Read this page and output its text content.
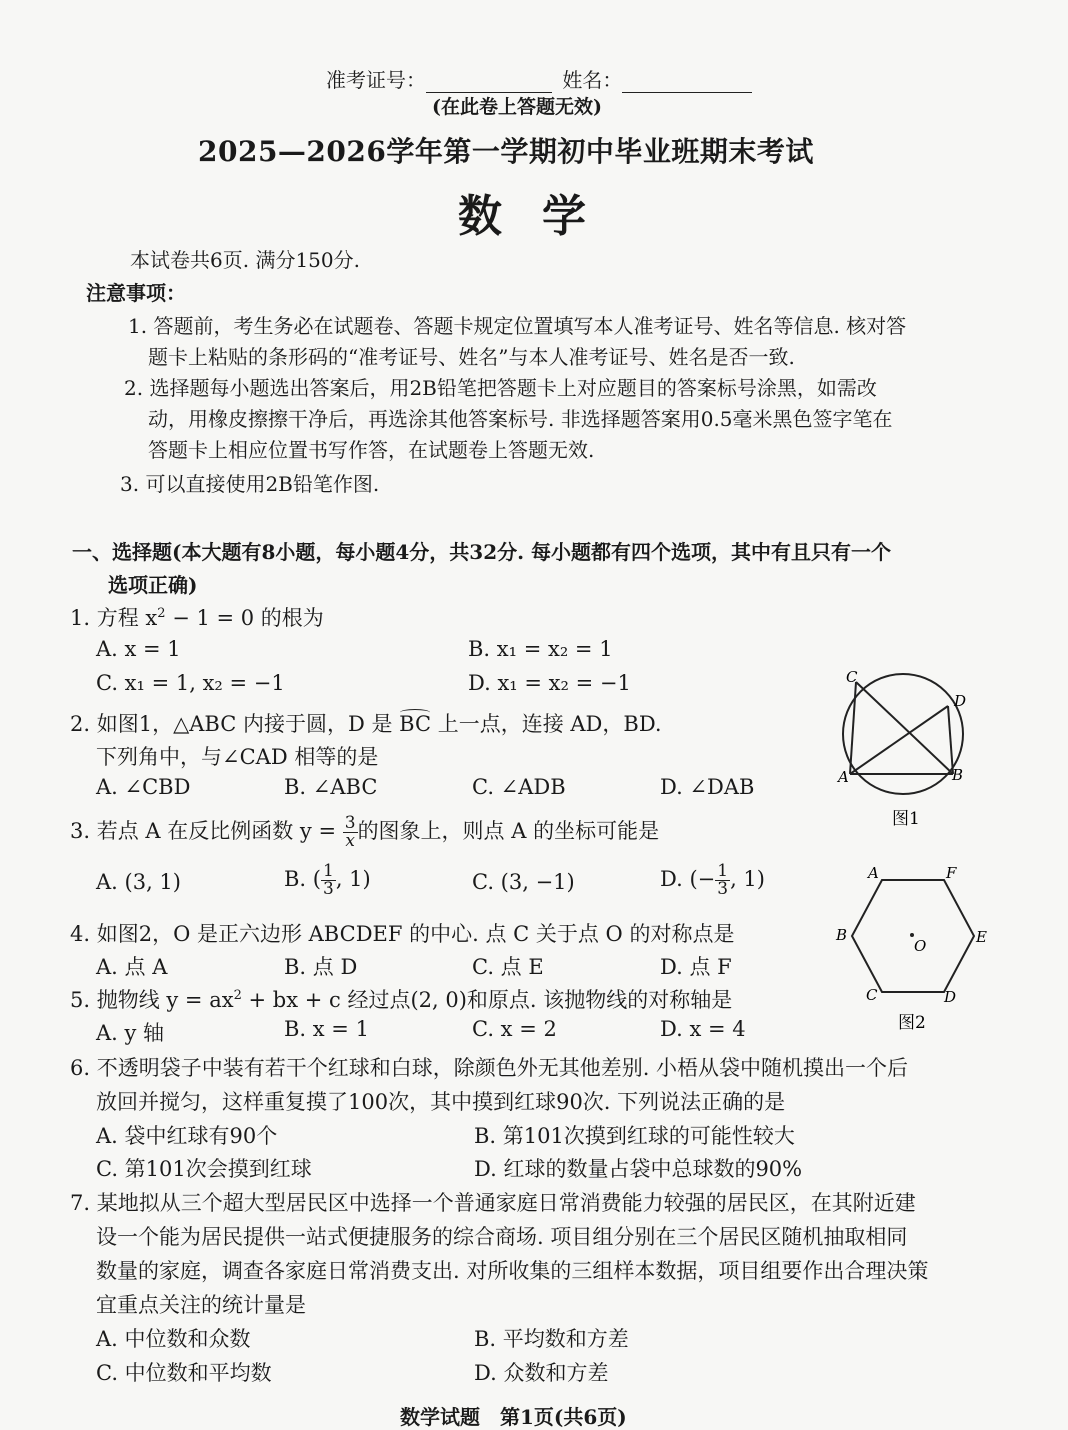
准考证号：	姓名：
(在此卷上答题无效)
2025—2026学年第一学期初中毕业班期末考试
数学
本试卷共6页. 满分150分.
注意事项：
1. 答题前，考生务必在试题卷、答题卡规定位置填写本人准考证号、姓名等信息. 核对答
题卡上粘贴的条形码的“准考证号、姓名”与本人准考证号、姓名是否一致.
2. 选择题每小题选出答案后，用2B铅笔把答题卡上对应题目的答案标号涂黑，如需改
动，用橡皮擦擦干净后，再选涂其他答案标号. 非选择题答案用0.5毫米黑色签字笔在
答题卡上相应位置书写作答，在试题卷上答题无效.
3. 可以直接使用2B铅笔作图.
一、选择题(本大题有8小题，每小题4分，共32分. 每小题都有四个选项，其中有且只有一个
选项正确)
1. 方程 $x^2 - 1 = 0$ 的根为
A. x = 1	B. x₁ = x₂ = 1
C. x₁ = 1, x₂ = −1	D. x₁ = x₂ = −1
2. 如图1，△ABC 内接于圆，D 是 BC 上一点，连接 AD，BD.
下列角中，与∠CAD 相等的是
A. ∠CBD	B. ∠ABC	C. ∠ADB	D. ∠DAB
C
D
A	B
图1
3. 若点 A 在反比例函数 $y = \frac{3}{x}$ 的图象上，则点 A 的坐标可能是
A. (3, 1)	B. ( $\frac{1}{3}$ , 1)	C. (3, −1)	D. (− $\frac{1}{3}$ , 1)	A	F
B	E
O
C	D
图2
4. 如图2，O 是正六边形 ABCDEF 的中心. 点 C 关于点 O 的对称点是
A. 点 A	B. 点 D	C. 点 E	D. 点 F
5. 抛物线 $y = ax^2$ + bx + c 经过点(2, 0)和原点. 该抛物线的对称轴是
A. y 轴	B. x = 1	C. x = 2	D. x = 4
6. 不透明袋子中装有若干个红球和白球，除颜色外无其他差别. 小梧从袋中随机摸出一个后
放回并搅匀，这样重复摸了100次，其中摸到红球90次. 下列说法正确的是
A. 袋中红球有90个	B. 第101次摸到红球的可能性较大
C. 第101次会摸到红球	D. 红球的数量占袋中总球数的90%
7. 某地拟从三个超大型居民区中选择一个普通家庭日常消费能力较强的居民区，在其附近建
设一个能为居民提供一站式便捷服务的综合商场. 项目组分别在三个居民区随机抽取相同
数量的家庭，调查各家庭日常消费支出. 对所收集的三组样本数据，项目组要作出合理决策
宜重点关注的统计量是
A. 中位数和众数	B. 平均数和方差
C. 中位数和平均数	D. 众数和方差
数学试题　第1页(共6页)
